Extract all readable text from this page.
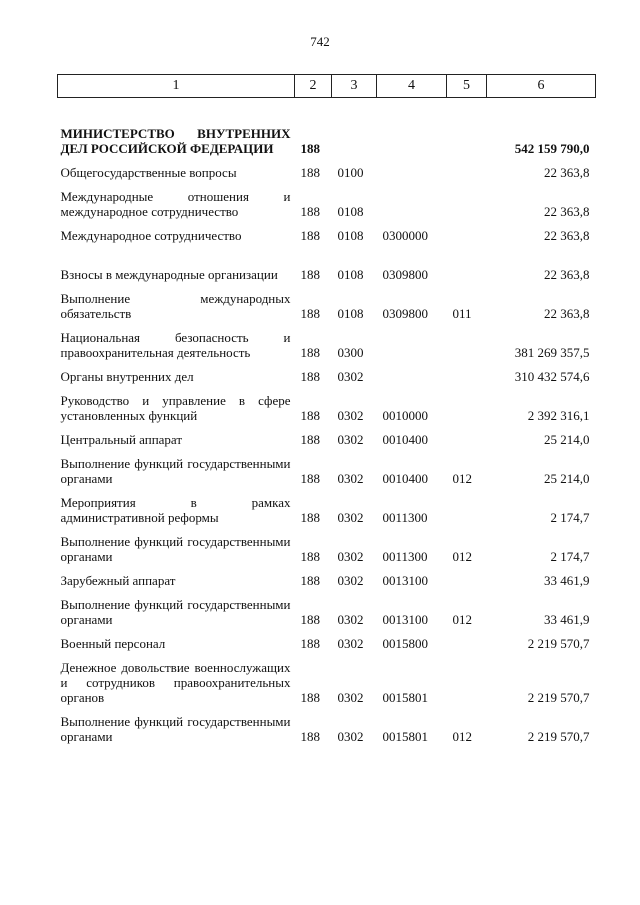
742
1	2	3	4	5	6
МИНИСТЕРСТВО ВНУТРЕННИХ ДЕЛ РОССИЙСКОЙ ФЕДЕРАЦИИ	188				542 159 790,0
Общегосударственные вопросы	188	0100			22 363,8
Международные отношения и международное сотрудничество	188	0108			22 363,8
Международное сотрудничество	188	0108	0300000		22 363,8
Взносы в международные организации	188	0108	0309800		22 363,8
Выполнение международных обязательств	188	0108	0309800	011	22 363,8
Национальная безопасность и правоохранительная деятельность	188	0300			381 269 357,5
Органы внутренних дел	188	0302			310 432 574,6
Руководство и управление в сфере установленных функций	188	0302	0010000		2 392 316,1
Центральный аппарат	188	0302	0010400		25 214,0
Выполнение функций государственными органами	188	0302	0010400	012	25 214,0
Мероприятия в рамках административной реформы	188	0302	0011300		2 174,7
Выполнение функций государственными органами	188	0302	0011300	012	2 174,7
Зарубежный аппарат	188	0302	0013100		33 461,9
Выполнение функций государственными органами	188	0302	0013100	012	33 461,9
Военный персонал	188	0302	0015800		2 219 570,7
Денежное довольствие военнослужащих и сотрудников правоохранительных органов	188	0302	0015801		2 219 570,7
Выполнение функций государственными органами	188	0302	0015801	012	2 219 570,7
